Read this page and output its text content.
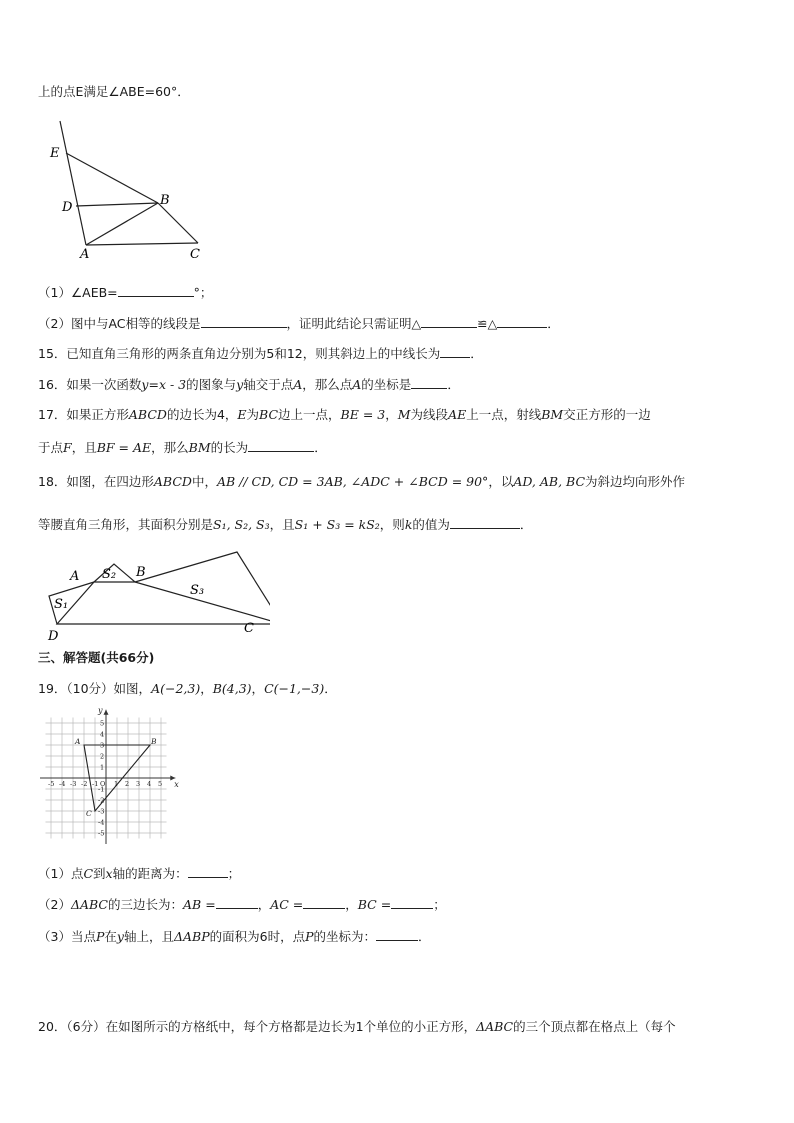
上的点E满足∠ABE=60°．
E
D	B
A	C
（1）∠AEB=	°；
（2）图中与AC相等的线段是	，证明此结论只需证明△	≌△	．
15．已知直角三角形的两条直角边分别为5和12，则其斜边上的中线长为 ．
16．如果一次函数y=x - 3的图象与y轴交于点A，那么点A的坐标是	．
17．如果正方形ABCD的边长为4，E为BC边上一点，BE = 3，M为线段AE上一点，射线BM交正方形的一边
于点F，且BF = AE，那么BM的长为	．
18．如图，在四边形ABCD中，AB // CD, CD = 3AB, ∠ADC + ∠BCD = 90°，以AD, AB, BC为斜边均向形外作
等腰直角三角形，其面积分别是S₁, S₂, S₃，且S₁ + S₃ = kS₂，则k的值为	．
A S₂ B
S₃
S₁
D
C
三、解答题(共66分)
19．（10分）如图，A(−2,3)，B(4,3)，C(−1,−3)．
-5 -4 -3 -2 -1 1 2 3 4 5
5
4
3
2
1
-1
-2
-3
-4
-5
O	x
y
A	B
C
（1）点C到x轴的距离为：	；
（2）ΔABC的三边长为：AB =	，AC =	，BC =	；
（3）当点P在y轴上，且ΔABP的面积为6时，点P的坐标为：	．
20．（6分）在如图所示的方格纸中，每个方格都是边长为1个单位的小正方形，ΔABC的三个顶点都在格点上（每个
